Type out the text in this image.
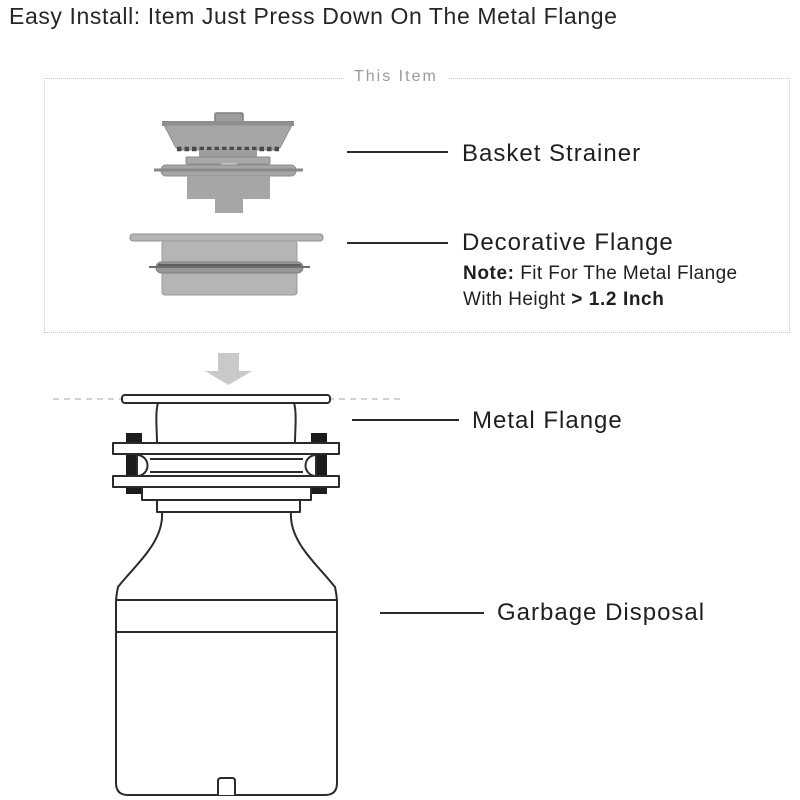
Easy Install: Item Just Press Down On The Metal Flange
This Item
Basket Strainer
Decorative Flange
Note: Fit For The Metal Flange
With Height > 1.2 Inch
Metal Flange
Garbage Disposal
